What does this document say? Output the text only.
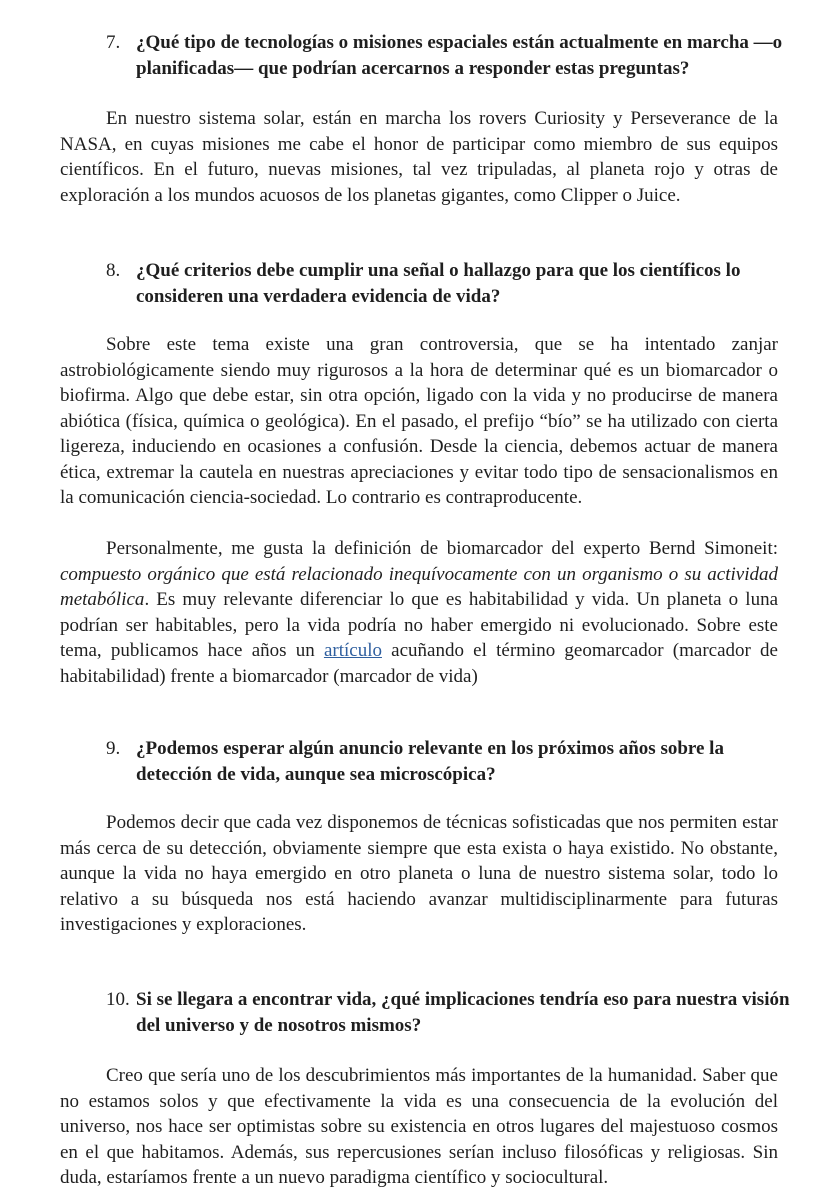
7. ¿Qué tipo de tecnologías o misiones espaciales están actualmente en marcha —o planificadas— que podrían acercarnos a responder estas preguntas?
En nuestro sistema solar, están en marcha los rovers Curiosity y Perseverance de la NASA, en cuyas misiones me cabe el honor de participar como miembro de sus equipos científicos. En el futuro, nuevas misiones, tal vez tripuladas, al planeta rojo y otras de exploración a los mundos acuosos de los planetas gigantes, como Clipper o Juice.
8. ¿Qué criterios debe cumplir una señal o hallazgo para que los científicos lo consideren una verdadera evidencia de vida?
Sobre este tema existe una gran controversia, que se ha intentado zanjar astrobiológicamente siendo muy rigurosos a la hora de determinar qué es un biomarcador o biofirma. Algo que debe estar, sin otra opción, ligado con la vida y no producirse de manera abiótica (física, química o geológica). En el pasado, el prefijo “bío” se ha utilizado con cierta ligereza, induciendo en ocasiones a confusión. Desde la ciencia, debemos actuar de manera ética, extremar la cautela en nuestras apreciaciones y evitar todo tipo de sensacionalismos en la comunicación ciencia-sociedad. Lo contrario es contraproducente.
Personalmente, me gusta la definición de biomarcador del experto Bernd Simoneit: compuesto orgánico que está relacionado inequívocamente con un organismo o su actividad metabólica. Es muy relevante diferenciar lo que es habitabilidad y vida. Un planeta o luna podrían ser habitables, pero la vida podría no haber emergido ni evolucionado. Sobre este tema, publicamos hace años un artículo acuñando el término geomarcador (marcador de habitabilidad) frente a biomarcador (marcador de vida)
9. ¿Podemos esperar algún anuncio relevante en los próximos años sobre la detección de vida, aunque sea microscópica?
Podemos decir que cada vez disponemos de técnicas sofisticadas que nos permiten estar más cerca de su detección, obviamente siempre que esta exista o haya existido. No obstante, aunque la vida no haya emergido en otro planeta o luna de nuestro sistema solar, todo lo relativo a su búsqueda nos está haciendo avanzar multidisciplinarmente para futuras investigaciones y exploraciones.
10. Si se llegara a encontrar vida, ¿qué implicaciones tendría eso para nuestra visión del universo y de nosotros mismos?
Creo que sería uno de los descubrimientos más importantes de la humanidad. Saber que no estamos solos y que efectivamente la vida es una consecuencia de la evolución del universo, nos hace ser optimistas sobre su existencia en otros lugares del majestuoso cosmos en el que habitamos. Además, sus repercusiones serían incluso filosóficas y religiosas. Sin duda, estaríamos frente a un nuevo paradigma científico y sociocultural.
